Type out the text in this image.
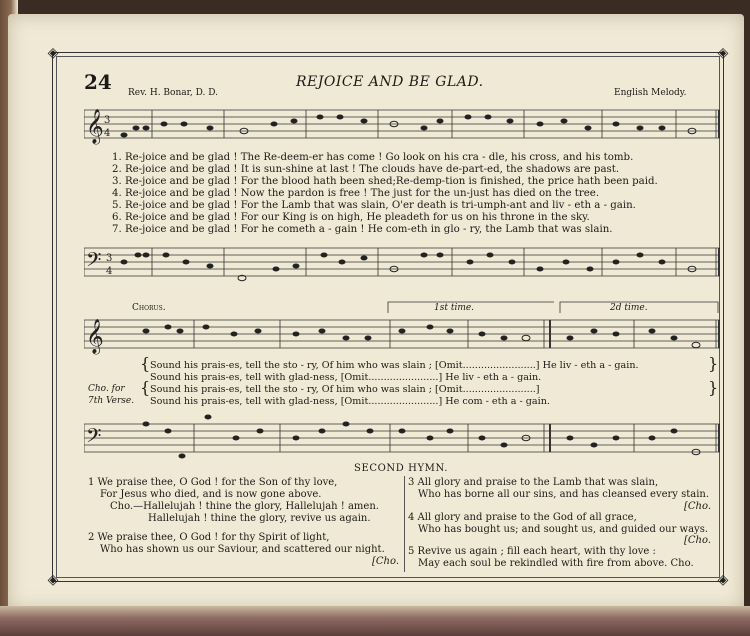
◈	◈
◈	◈
24 Rev. H. Bonar, D. D.
REJOICE AND BE GLAD.
English Melody.
𝄞 3
4
1. Re-joice and be glad ! The Re-deem-er has come ! Go look on his cra - dle, his cross, and his tomb.
2. Re-joice and be glad ! It is sun-shine at last ! The clouds have de-part-ed, the shadows are past.
3. Re-joice and be glad ! For the blood hath been shed;Re-demp-tion is finished, the price hath been paid.
4. Re-joice and be glad ! Now the pardon is free ! The just for the un-just has died on the tree.
5. Re-joice and be glad ! For the Lamb that was slain, O'er death is tri-umph-ant and liv - eth a - gain.
6. Re-joice and be glad ! For our King is on high, He pleadeth for us on his throne in the sky.
7. Re-joice and be glad ! For he cometh a - gain ! He com-eth in glo - ry, the Lamb that was slain.
𝄢 3
4
Chorus.	1st time.	2d time.
𝄞
Cho. for
7th Verse.
{
{
}
}
Sound his prais-es, tell the sto - ry, Of him who was slain ; [Omit........................] He liv - eth a - gain.
Sound his prais-es, tell with glad-ness, [Omit.......................] He liv - eth a - gain.
Sound his prais-es, tell the sto - ry, Of him who was slain ; [Omit........................]
Sound his prais-es, tell with glad-ness, [Omit.......................] He com - eth a - gain.
𝄢
SECOND HYMN.
1 We praise thee, O God ! for the Son of thy love,
For Jesus who died, and is now gone above.
Cho.—Hallelujah ! thine the glory, Hallelujah ! amen.
Hallelujah ! thine the glory, revive us again.
2 We praise thee, O God ! for thy Spirit of light,
Who has shown us our Saviour, and scattered our night.
[Cho.
3 All glory and praise to the Lamb that was slain,
Who has borne all our sins, and has cleansed every stain.
[Cho.
4 All glory and praise to the God of all grace,
Who has bought us; and sought us, and guided our ways.
[Cho.
5 Revive us again ; fill each heart, with thy love :
May each soul be rekindled with fire from above. Cho.
